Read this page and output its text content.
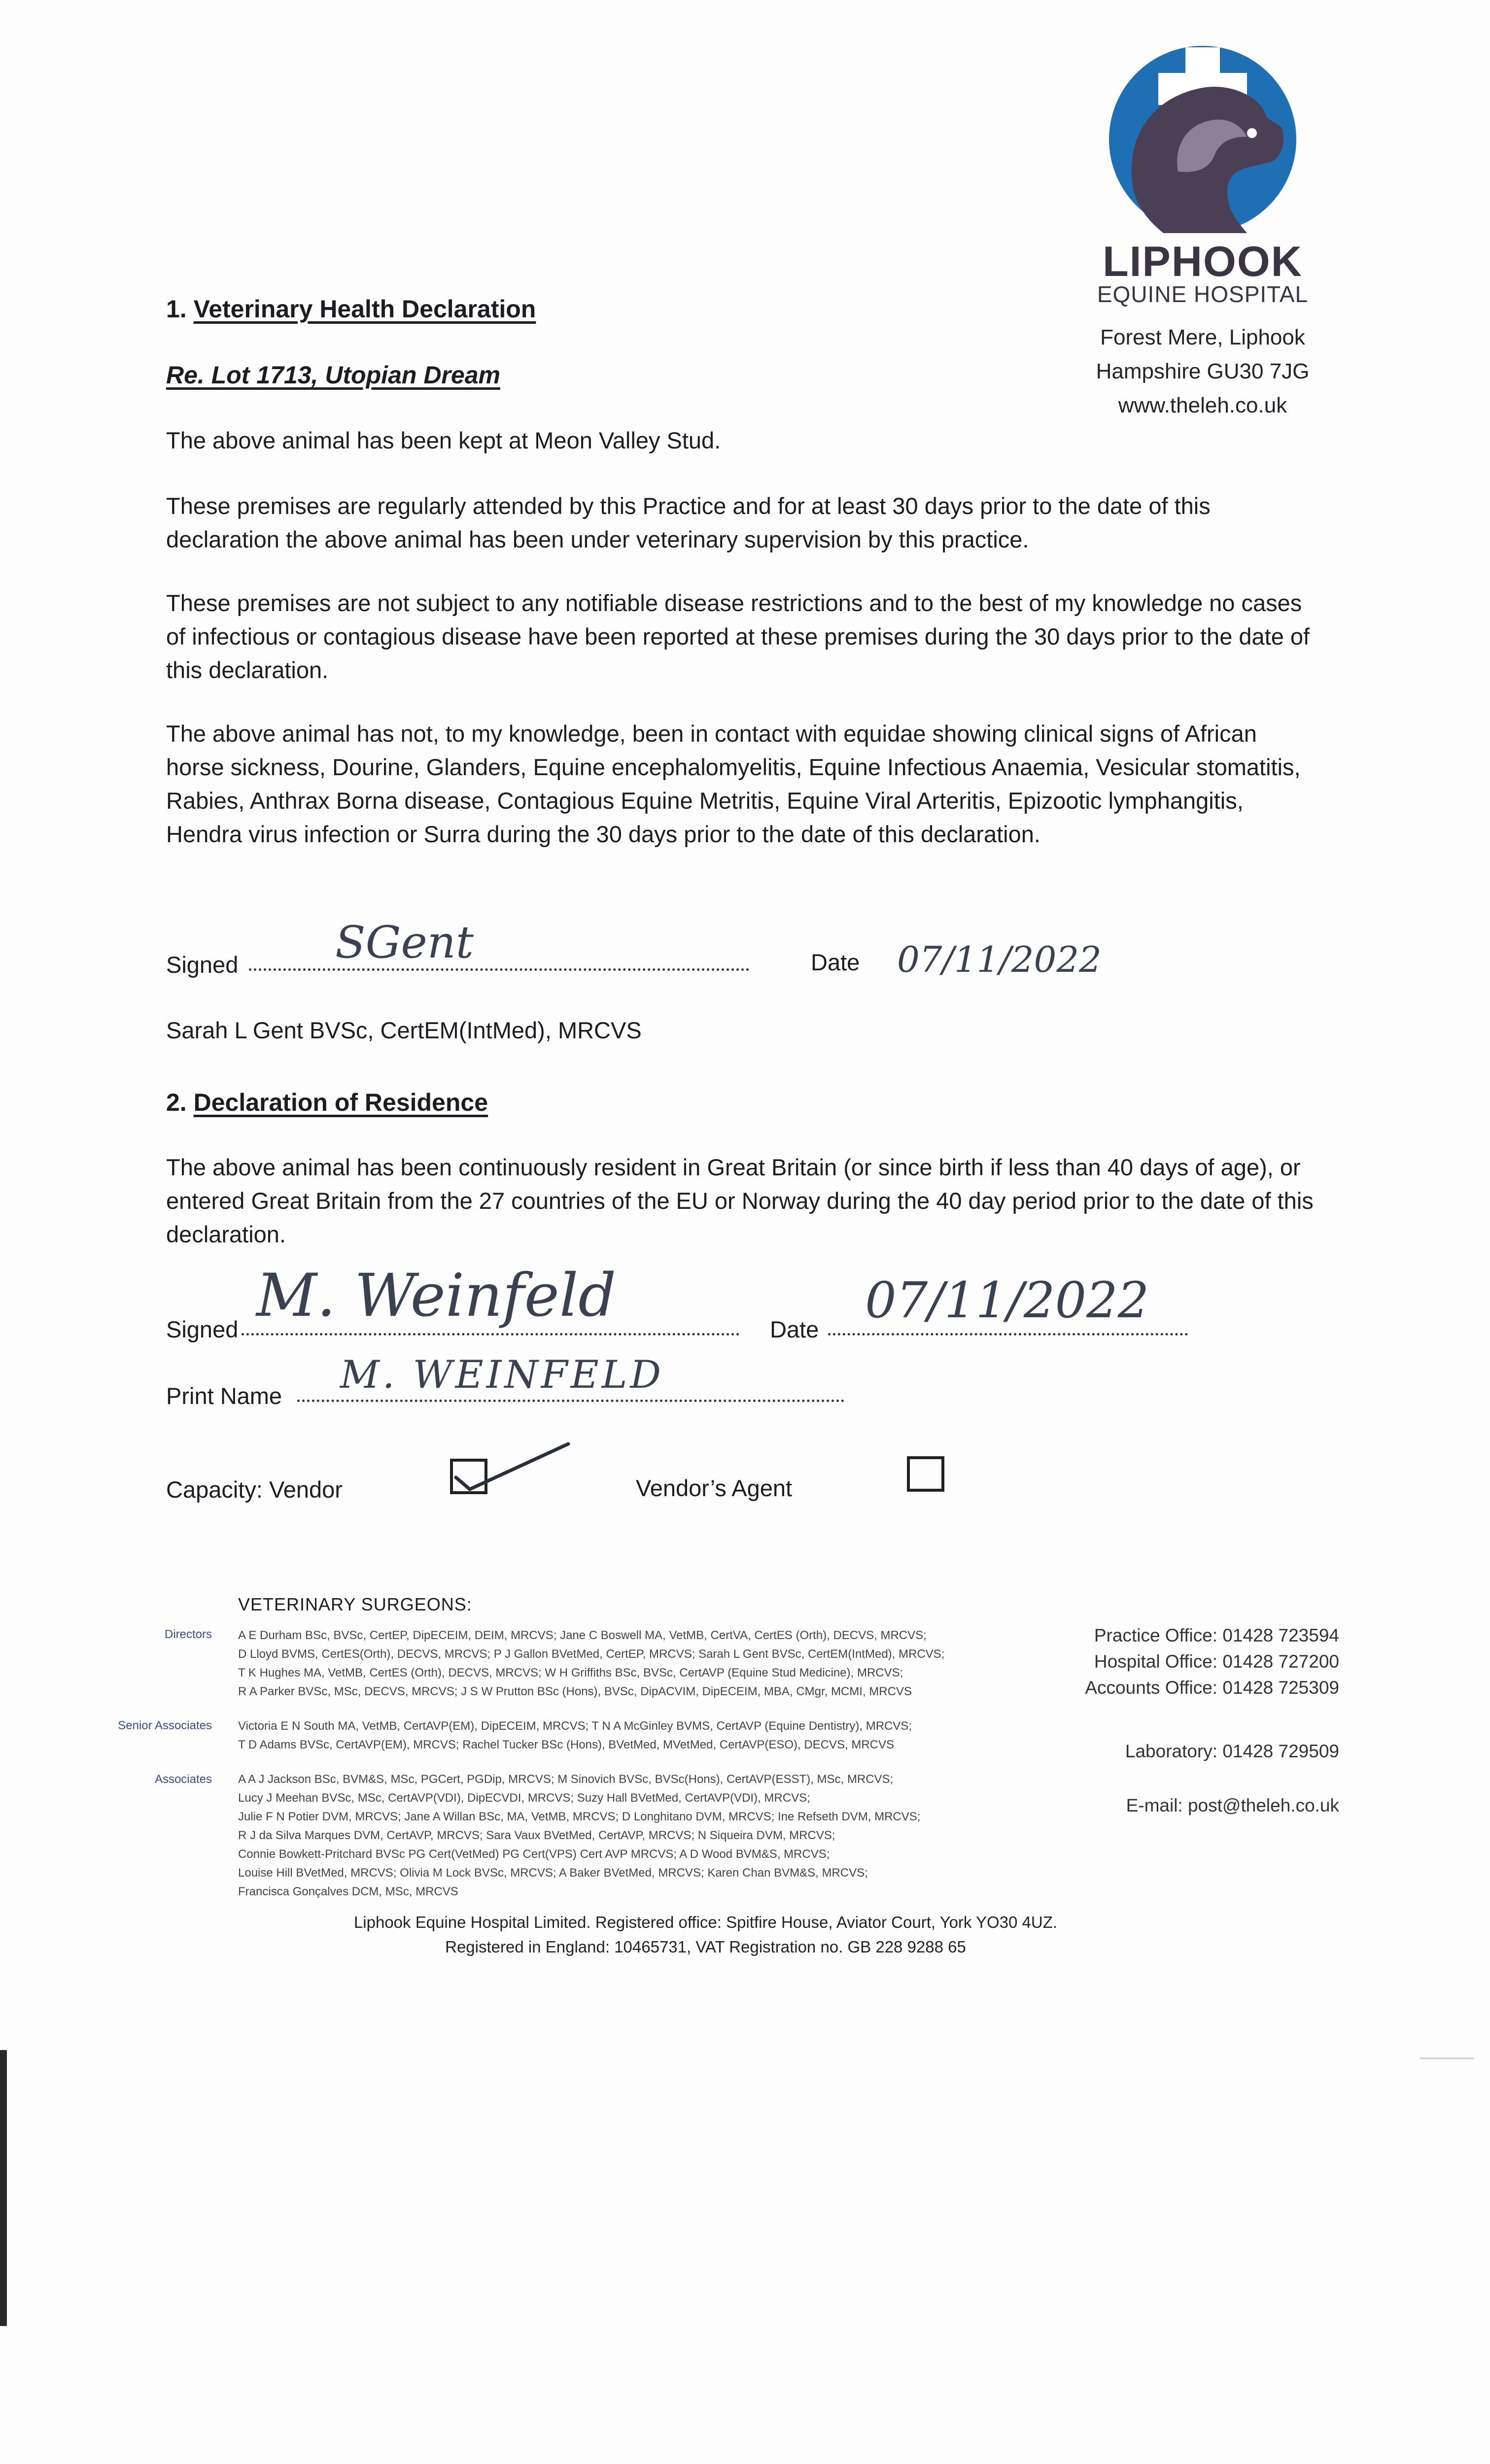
LIPHOOK
EQUINE HOSPITAL
Forest Mere, Liphook
Hampshire GU30 7JG
www.theleh.co.uk
1. Veterinary Health Declaration
Re. Lot 1713, Utopian Dream
The above animal has been kept at Meon Valley Stud.
These premises are regularly attended by this Practice and for at least 30 days prior to the date of this declaration the above animal has been under veterinary supervision by this practice.
These premises are not subject to any notifiable disease restrictions and to the best of my knowledge no cases of infectious or contagious disease have been reported at these premises during the 30 days prior to the date of this declaration.
The above animal has not, to my knowledge, been in contact with equidae showing clinical signs of African horse sickness, Dourine, Glanders, Equine encephalomyelitis, Equine Infectious Anaemia, Vesicular stomatitis, Rabies, Anthrax Borna disease, Contagious Equine Metritis, Equine Viral Arteritis, Epizootic lymphangitis, Hendra virus infection or Surra during the 30 days prior to the date of this declaration.
Signed SGent	Date 07/11/2022
Sarah L Gent BVSc, CertEM(IntMed), MRCVS
2. Declaration of Residence
The above animal has been continuously resident in Great Britain (or since birth if less than 40 days of age), or entered Great Britain from the 27 countries of the EU or Norway during the 40 day period prior to the date of this declaration.
Signed M. Weinfeld	Date
07/11/2022
Print Name M. WEINFELD
Capacity: Vendor	Vendor’s Agent
VETERINARY SURGEONS:
Directors A E Durham BSc, BVSc, CertEP, DipECEIM, DEIM, MRCVS; Jane C Boswell MA, VetMB, CertVA, CertES (Orth), DECVS, MRCVS;
D Lloyd BVMS, CertES(Orth), DECVS, MRCVS; P J Gallon BVetMed, CertEP, MRCVS; Sarah L Gent BVSc, CertEM(IntMed), MRCVS;
T K Hughes MA, VetMB, CertES (Orth), DECVS, MRCVS; W H Griffiths BSc, BVSc, CertAVP (Equine Stud Medicine), MRCVS;
R A Parker BVSc, MSc, DECVS, MRCVS; J S W Prutton BSc (Hons), BVSc, DipACVIM, DipECEIM, MBA, CMgr, MCMI, MRCVS
Senior Associates Victoria E N South MA, VetMB, CertAVP(EM), DipECEIM, MRCVS; T N A McGinley BVMS, CertAVP (Equine Dentistry), MRCVS;
T D Adams BVSc, CertAVP(EM), MRCVS; Rachel Tucker BSc (Hons), BVetMed, MVetMed, CertAVP(ESO), DECVS, MRCVS
Associates A A J Jackson BSc, BVM&S, MSc, PGCert, PGDip, MRCVS; M Sinovich BVSc, BVSc(Hons), CertAVP(ESST), MSc, MRCVS;
Lucy J Meehan BVSc, MSc, CertAVP(VDI), DipECVDI, MRCVS; Suzy Hall BVetMed, CertAVP(VDI), MRCVS;
Julie F N Potier DVM, MRCVS; Jane A Willan BSc, MA, VetMB, MRCVS; D Longhitano DVM, MRCVS; Ine Refseth DVM, MRCVS;
R J da Silva Marques DVM, CertAVP, MRCVS; Sara Vaux BVetMed, CertAVP, MRCVS; N Siqueira DVM, MRCVS;
Connie Bowkett-Pritchard BVSc PG Cert(VetMed) PG Cert(VPS) Cert AVP MRCVS; A D Wood BVM&S, MRCVS;
Louise Hill BVetMed, MRCVS; Olivia M Lock BVSc, MRCVS; A Baker BVetMed, MRCVS; Karen Chan BVM&S, MRCVS;
Francisca Gonçalves DCM, MSc, MRCVS
Practice Office: 01428 723594
Hospital Office: 01428 727200
Accounts Office: 01428 725309
Laboratory: 01428 729509
E-mail: post@theleh.co.uk
Liphook Equine Hospital Limited. Registered office: Spitfire House, Aviator Court, York YO30 4UZ.
Registered in England: 10465731, VAT Registration no. GB 228 9288 65
